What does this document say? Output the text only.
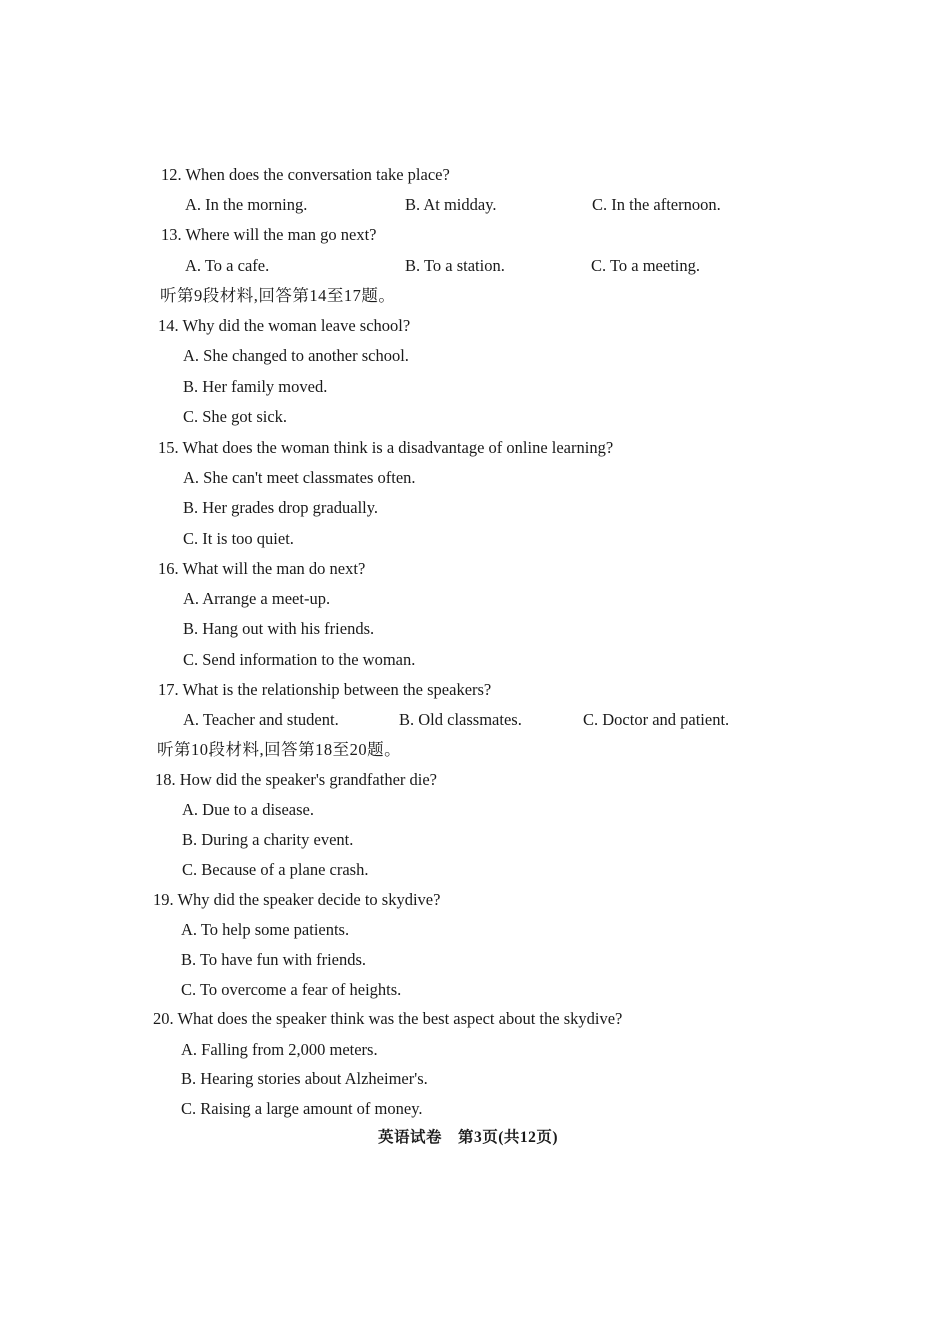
12. When does the conversation take place?
A. In the morning.	B. At midday.	C. In the afternoon.
13. Where will the man go next?
A. To a cafe.	B. To a station.	C. To a meeting.
听第9段材料,回答第14至17题。
14. Why did the woman leave school?
A. She changed to another school.
B. Her family moved.
C. She got sick.
15. What does the woman think is a disadvantage of online learning?
A. She can't meet classmates often.
B. Her grades drop gradually.
C. It is too quiet.
16. What will the man do next?
A. Arrange a meet-up.
B. Hang out with his friends.
C. Send information to the woman.
17. What is the relationship between the speakers?
A. Teacher and student.	B. Old classmates.	C. Doctor and patient.
听第10段材料,回答第18至20题。
18. How did the speaker's grandfather die?
A. Due to a disease.
B. During a charity event.
C. Because of a plane crash.
19. Why did the speaker decide to skydive?
A. To help some patients.
B. To have fun with friends.
C. To overcome a fear of heights.
20. What does the speaker think was the best aspect about the skydive?
A. Falling from 2,000 meters.
B. Hearing stories about Alzheimer's.
C. Raising a large amount of money.
英语试卷　第3页(共12页)
